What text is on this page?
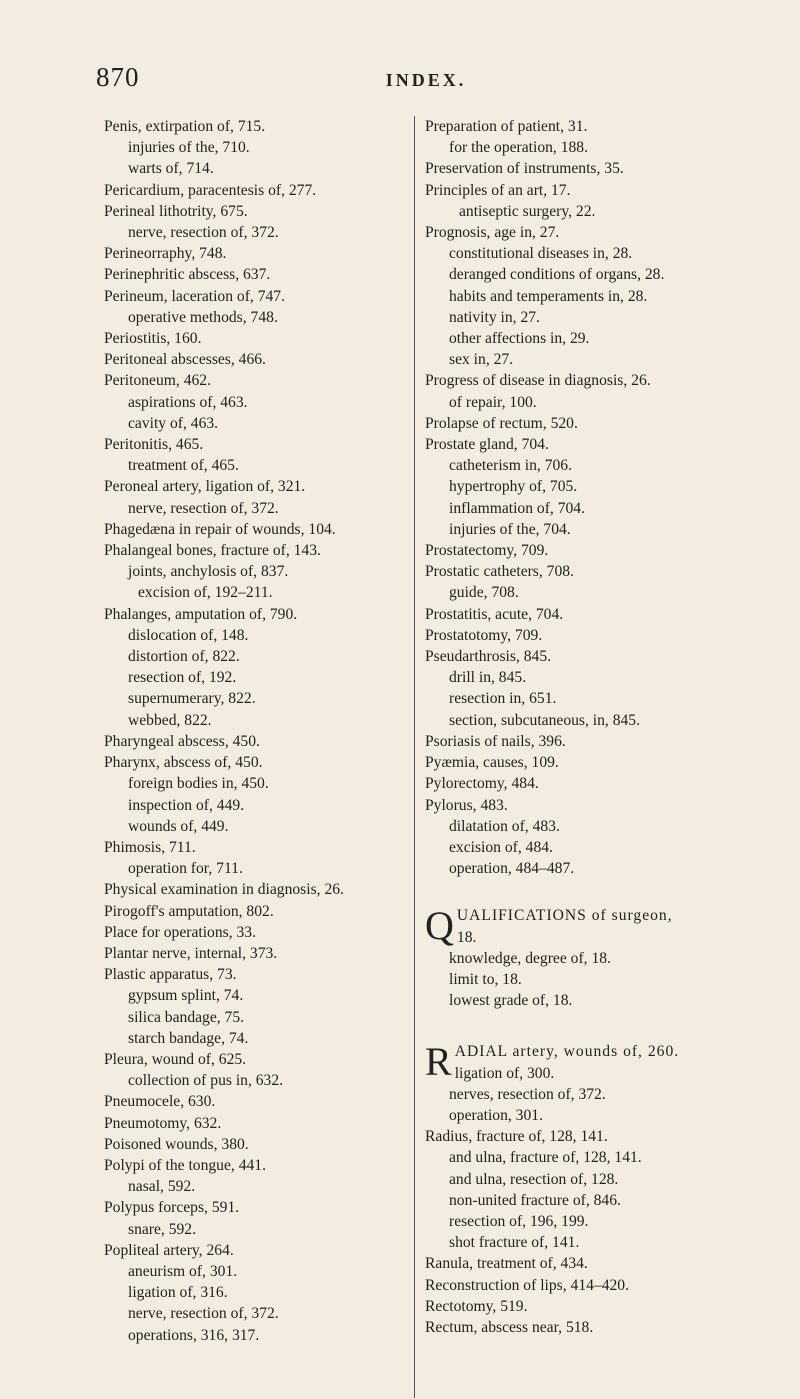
870	INDEX.
Penis, extirpation of, 715.
injuries of the, 710.
warts of, 714.
Pericardium, paracentesis of, 277.
Perineal lithotrity, 675.
nerve, resection of, 372.
Perineorraphy, 748.
Perinephritic abscess, 637.
Perineum, laceration of, 747.
operative methods, 748.
Periostitis, 160.
Peritoneal abscesses, 466.
Peritoneum, 462.
aspirations of, 463.
cavity of, 463.
Peritonitis, 465.
treatment of, 465.
Peroneal artery, ligation of, 321.
nerve, resection of, 372.
Phagedæna in repair of wounds, 104.
Phalangeal bones, fracture of, 143.
joints, anchylosis of, 837.
excision of, 192–211.
Phalanges, amputation of, 790.
dislocation of, 148.
distortion of, 822.
resection of, 192.
supernumerary, 822.
webbed, 822.
Pharyngeal abscess, 450.
Pharynx, abscess of, 450.
foreign bodies in, 450.
inspection of, 449.
wounds of, 449.
Phimosis, 711.
operation for, 711.
Physical examination in diagnosis, 26.
Pirogoff's amputation, 802.
Place for operations, 33.
Plantar nerve, internal, 373.
Plastic apparatus, 73.
gypsum splint, 74.
silica bandage, 75.
starch bandage, 74.
Pleura, wound of, 625.
collection of pus in, 632.
Pneumocele, 630.
Pneumotomy, 632.
Poisoned wounds, 380.
Polypi of the tongue, 441.
nasal, 592.
Polypus forceps, 591.
snare, 592.
Popliteal artery, 264.
aneurism of, 301.
ligation of, 316.
nerve, resection of, 372.
operations, 316, 317.
Preparation of patient, 31.
for the operation, 188.
Preservation of instruments, 35.
Principles of an art, 17.
antiseptic surgery, 22.
Prognosis, age in, 27.
constitutional diseases in, 28.
deranged conditions of organs, 28.
habits and temperaments in, 28.
nativity in, 27.
other affections in, 29.
sex in, 27.
Progress of disease in diagnosis, 26.
of repair, 100.
Prolapse of rectum, 520.
Prostate gland, 704.
catheterism in, 706.
hypertrophy of, 705.
inflammation of, 704.
injuries of the, 704.
Prostatectomy, 709.
Prostatic catheters, 708.
guide, 708.
Prostatitis, acute, 704.
Prostatotomy, 709.
Pseudarthrosis, 845.
drill in, 845.
resection in, 651.
section, subcutaneous, in, 845.
Psoriasis of nails, 396.
Pyæmia, causes, 109.
Pylorectomy, 484.
Pylorus, 483.
dilatation of, 483.
excision of, 484.
operation, 484–487.
Q UALIFICATIONS of surgeon,
18.
knowledge, degree of, 18.
limit to, 18.
lowest grade of, 18.
R ADIAL artery, wounds of, 260.
ligation of, 300.
nerves, resection of, 372.
operation, 301.
Radius, fracture of, 128, 141.
and ulna, fracture of, 128, 141.
and ulna, resection of, 128.
non-united fracture of, 846.
resection of, 196, 199.
shot fracture of, 141.
Ranula, treatment of, 434.
Reconstruction of lips, 414–420.
Rectotomy, 519.
Rectum, abscess near, 518.
